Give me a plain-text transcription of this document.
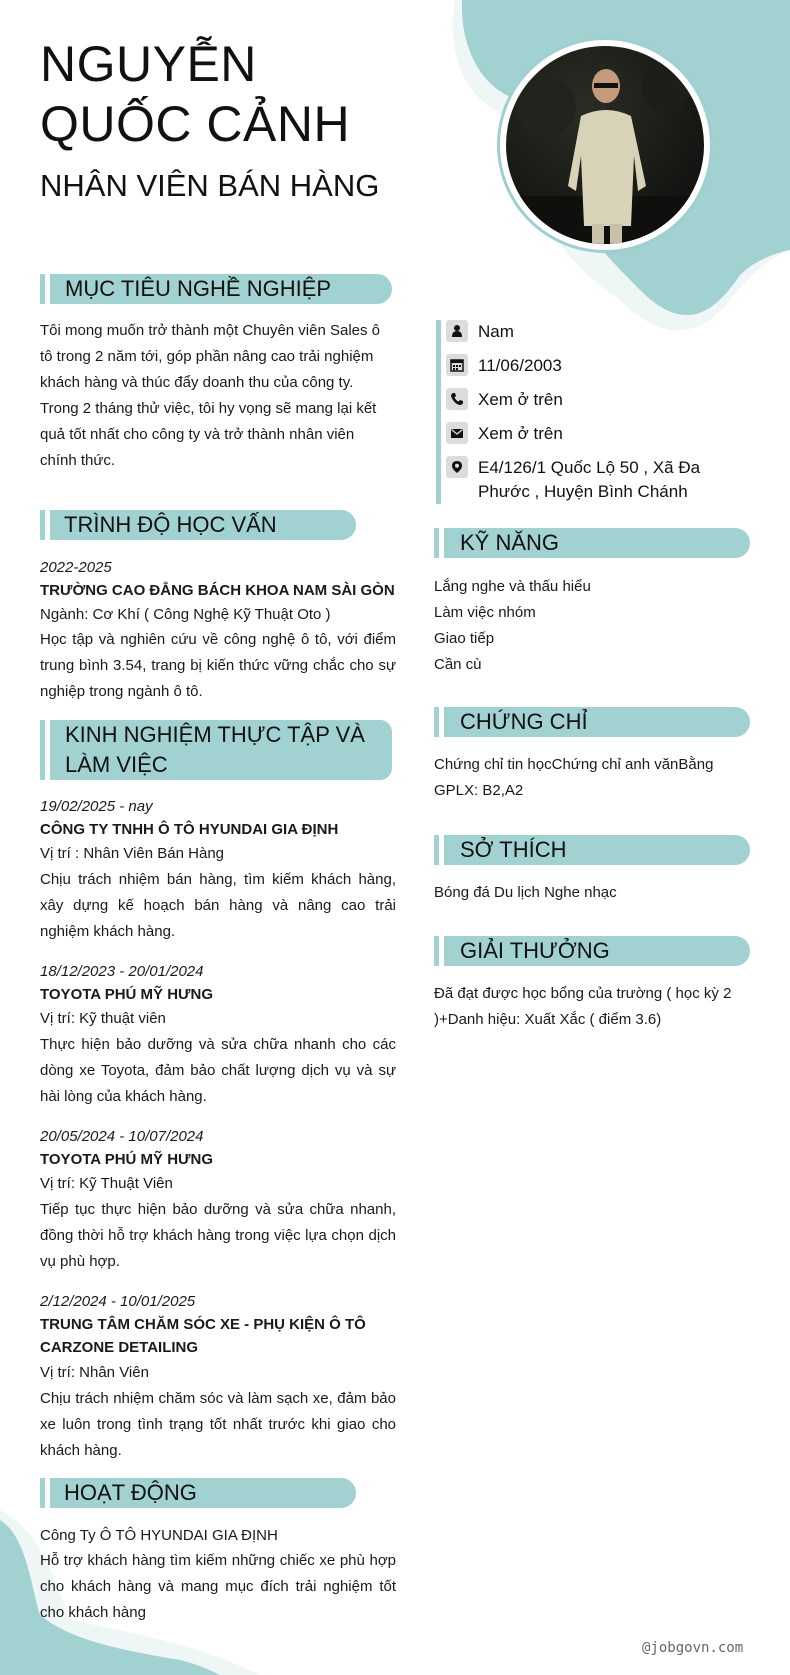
NGUYỄN
QUỐC CẢNH
NHÂN VIÊN BÁN HÀNG
MỤC TIÊU NGHỀ NGHIỆP
Tôi mong muốn trở thành một Chuyên viên Sales ô tô trong 2 năm tới, góp phần nâng cao trải nghiệm khách hàng và thúc đẩy doanh thu của công ty. Trong 2 tháng thử việc, tôi hy vọng sẽ mang lại kết quả tốt nhất cho công ty và trở thành nhân viên chính thức.
TRÌNH ĐỘ HỌC VẤN
2022-2025
TRƯỜNG CAO ĐẲNG BÁCH KHOA NAM SÀI GÒN
Ngành: Cơ Khí ( Công Nghệ Kỹ Thuật Oto )
Học tập và nghiên cứu về công nghệ ô tô, với điểm trung bình 3.54, trang bị kiến thức vững chắc cho sự nghiệp trong ngành ô tô.
KINH NGHIỆM THỰC TẬP VÀ
LÀM VIỆC
19/02/2025 - nay
CÔNG TY TNHH Ô TÔ HYUNDAI GIA ĐỊNH
Vị trí : Nhân Viên Bán Hàng
Chịu trách nhiệm bán hàng, tìm kiếm khách hàng, xây dựng kế hoạch bán hàng và nâng cao trải nghiệm khách hàng.
18/12/2023 - 20/01/2024
TOYOTA PHÚ MỸ HƯNG
Vị trí: Kỹ thuật viên
Thực hiện bảo dưỡng và sửa chữa nhanh cho các dòng xe Toyota, đảm bảo chất lượng dịch vụ và sự hài lòng của khách hàng.
20/05/2024 - 10/07/2024
TOYOTA PHÚ MỸ HƯNG
Vị trí: Kỹ Thuật Viên
Tiếp tục thực hiện bảo dưỡng và sửa chữa nhanh, đồng thời hỗ trợ khách hàng trong việc lựa chọn dịch vụ phù hợp.
2/12/2024 - 10/01/2025
TRUNG TÂM CHĂM SÓC XE - PHỤ KIỆN Ô TÔ
CARZONE DETAILING
Vị trí: Nhân Viên
Chịu trách nhiệm chăm sóc và làm sạch xe, đảm bảo xe luôn trong tình trạng tốt nhất trước khi giao cho khách hàng.
HOẠT ĐỘNG
Công Ty Ô TÔ HYUNDAI GIA ĐỊNH
Hỗ trợ khách hàng tìm kiếm những chiếc xe phù hợp cho khách hàng và mang mục đích trải nghiệm tốt cho khách hàng
Nam
11/06/2003
Xem ở trên
Xem ở trên
E4/126/1 Quốc Lộ 50 , Xã Đa
Phước , Huyện Bình Chánh
KỸ NĂNG
Lắng nghe và thấu hiểu
Làm việc nhóm
Giao tiếp
Cần cù
CHỨNG CHỈ
Chứng chỉ tin họcChứng chỉ anh vănBằng
GPLX: B2,A2
SỞ THÍCH
Bóng đá Du lịch Nghe nhạc
GIẢI THƯỞNG
Đã đạt được học bổng của trường ( học kỳ 2
)+Danh hiệu: Xuất Xắc ( điểm 3.6)
@jobgovn.com
